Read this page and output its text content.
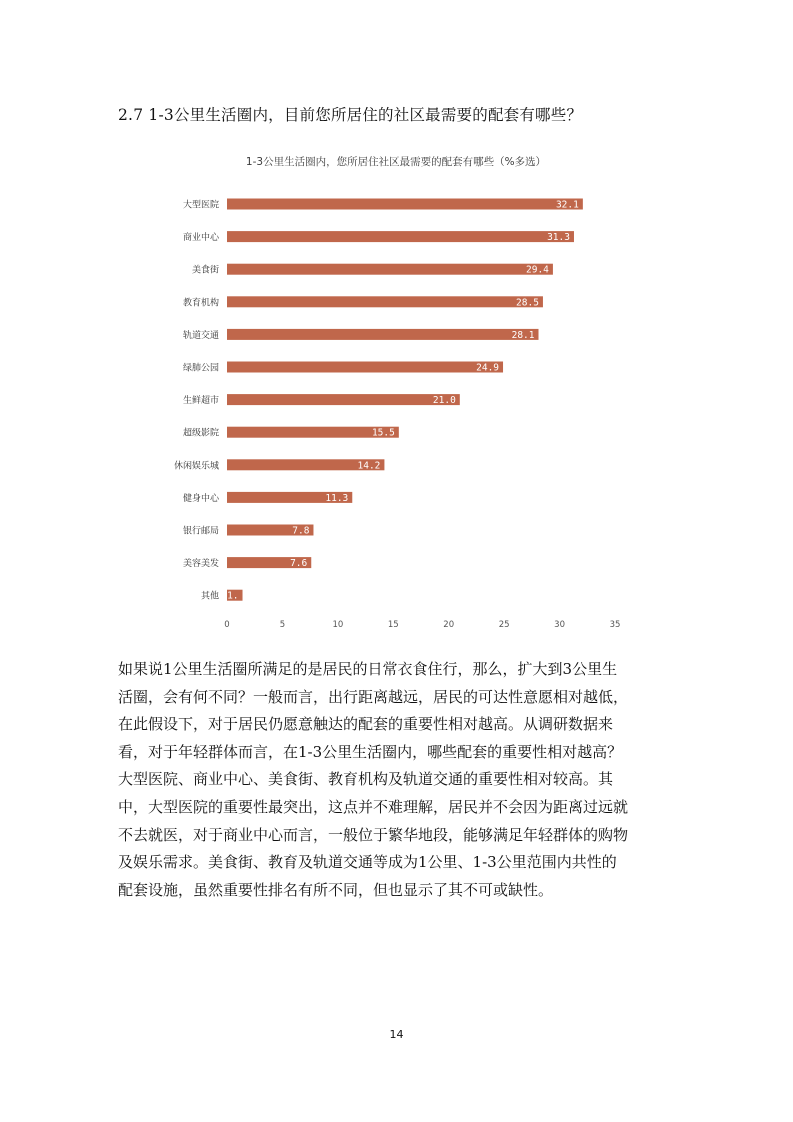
2.7 1-3公里生活圈内，目前您所居住的社区最需要的配套有哪些？
1-3公里生活圈内，您所居住社区最需要的配套有哪些（%多选）
大型医院	32.1
商业中心	31.3
美食街	29.4
教育机构	28.5
轨道交通	28.1
绿肺公园	24.9
生鲜超市	21.0
超级影院	15.5
休闲娱乐城	14.2
健身中心	11.3
银行邮局	7.8
美容美发	7.6
其他 1.
0	5	10	15	20	25	30	35
如果说1公里生活圈所满足的是居民的日常衣食住行，那么，扩大到3公里生
活圈，会有何不同？一般而言，出行距离越远，居民的可达性意愿相对越低，
在此假设下，对于居民仍愿意触达的配套的重要性相对越高。从调研数据来
看，对于年轻群体而言，在1-3公里生活圈内，哪些配套的重要性相对越高？
大型医院、商业中心、美食街、教育机构及轨道交通的重要性相对较高。其
中，大型医院的重要性最突出，这点并不难理解，居民并不会因为距离过远就
不去就医，对于商业中心而言，一般位于繁华地段，能够满足年轻群体的购物
及娱乐需求。美食街、教育及轨道交通等成为1公里、1-3公里范围内共性的
配套设施，虽然重要性排名有所不同，但也显示了其不可或缺性。
14
